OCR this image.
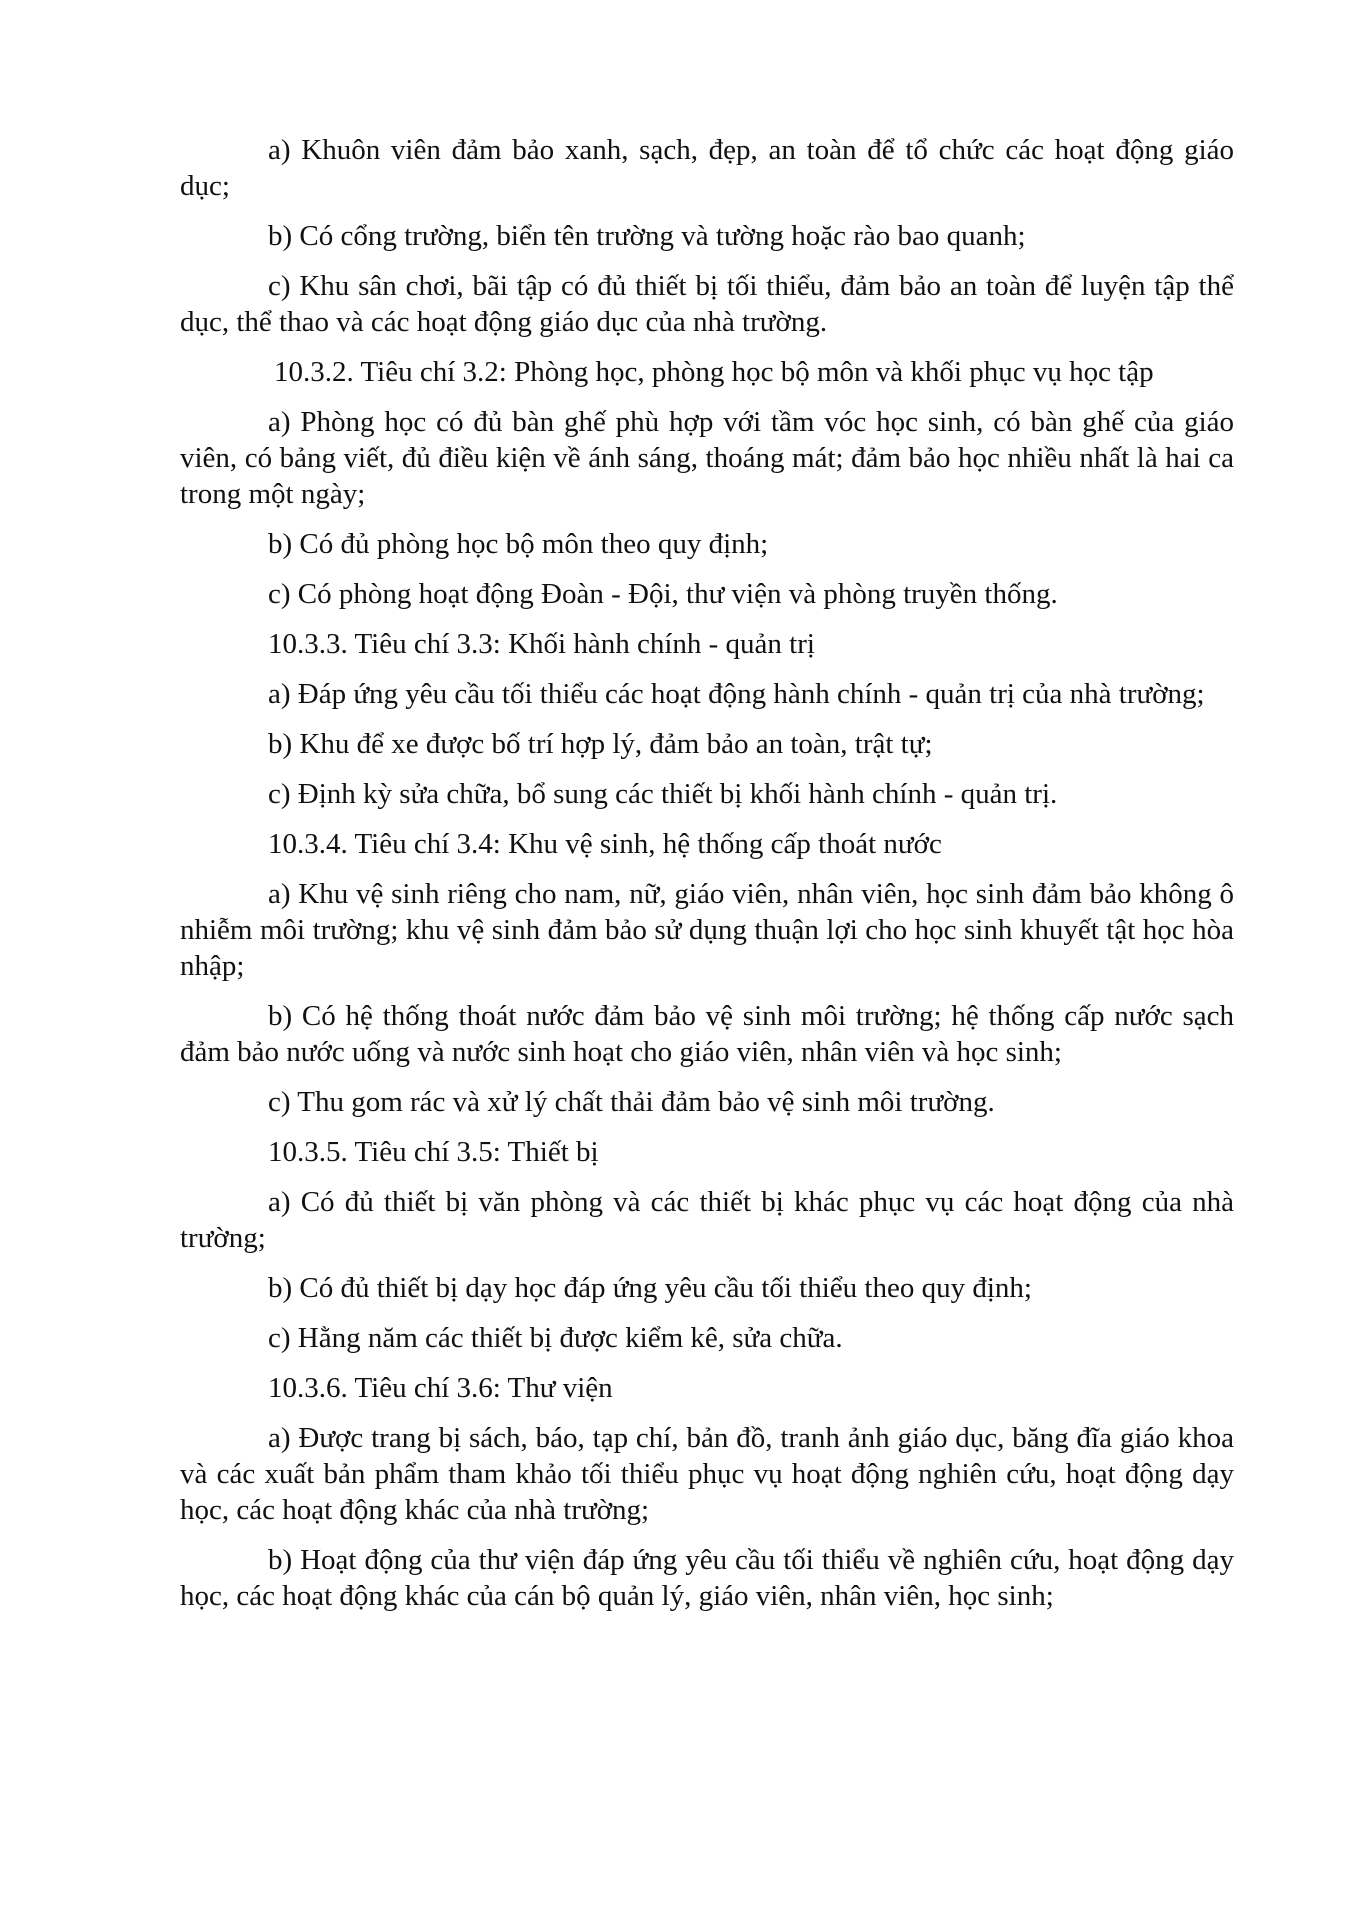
a) Khuôn viên đảm bảo xanh, sạch, đẹp, an toàn để tổ chức các hoạt động giáo dục;

b) Có cổng trường, biển tên trường và tường hoặc rào bao quanh;

c) Khu sân chơi, bãi tập có đủ thiết bị tối thiểu, đảm bảo an toàn để luyện tập thể dục, thể thao và các hoạt động giáo dục của nhà trường.

10.3.2. Tiêu chí 3.2: Phòng học, phòng học bộ môn và khối phục vụ học tập

a) Phòng học có đủ bàn ghế phù hợp với tầm vóc học sinh, có bàn ghế của giáo viên, có bảng viết, đủ điều kiện về ánh sáng, thoáng mát; đảm bảo học nhiều nhất là hai ca trong một ngày;

b) Có đủ phòng học bộ môn theo quy định;

c) Có phòng hoạt động Đoàn - Đội, thư viện và phòng truyền thống.

10.3.3. Tiêu chí 3.3: Khối hành chính - quản trị

a) Đáp ứng yêu cầu tối thiểu các hoạt động hành chính - quản trị của nhà trường;

b) Khu để xe được bố trí hợp lý, đảm bảo an toàn, trật tự;

c) Định kỳ sửa chữa, bổ sung các thiết bị khối hành chính - quản trị.

10.3.4. Tiêu chí 3.4: Khu vệ sinh, hệ thống cấp thoát nước

a) Khu vệ sinh riêng cho nam, nữ, giáo viên, nhân viên, học sinh đảm bảo không ô nhiễm môi trường; khu vệ sinh đảm bảo sử dụng thuận lợi cho học sinh khuyết tật học hòa nhập;

b) Có hệ thống thoát nước đảm bảo vệ sinh môi trường; hệ thống cấp nước sạch đảm bảo nước uống và nước sinh hoạt cho giáo viên, nhân viên và học sinh;

c) Thu gom rác và xử lý chất thải đảm bảo vệ sinh môi trường.

10.3.5. Tiêu chí 3.5: Thiết bị

a) Có đủ thiết bị văn phòng và các thiết bị khác phục vụ các hoạt động của nhà trường;

b) Có đủ thiết bị dạy học đáp ứng yêu cầu tối thiểu theo quy định;

c) Hằng năm các thiết bị được kiểm kê, sửa chữa.

10.3.6. Tiêu chí 3.6: Thư viện

a) Được trang bị sách, báo, tạp chí, bản đồ, tranh ảnh giáo dục, băng đĩa giáo khoa và các xuất bản phẩm tham khảo tối thiểu phục vụ hoạt động nghiên cứu, hoạt động dạy học, các hoạt động khác của nhà trường;

b) Hoạt động của thư viện đáp ứng yêu cầu tối thiểu về nghiên cứu, hoạt động dạy học, các hoạt động khác của cán bộ quản lý, giáo viên, nhân viên, học sinh;
